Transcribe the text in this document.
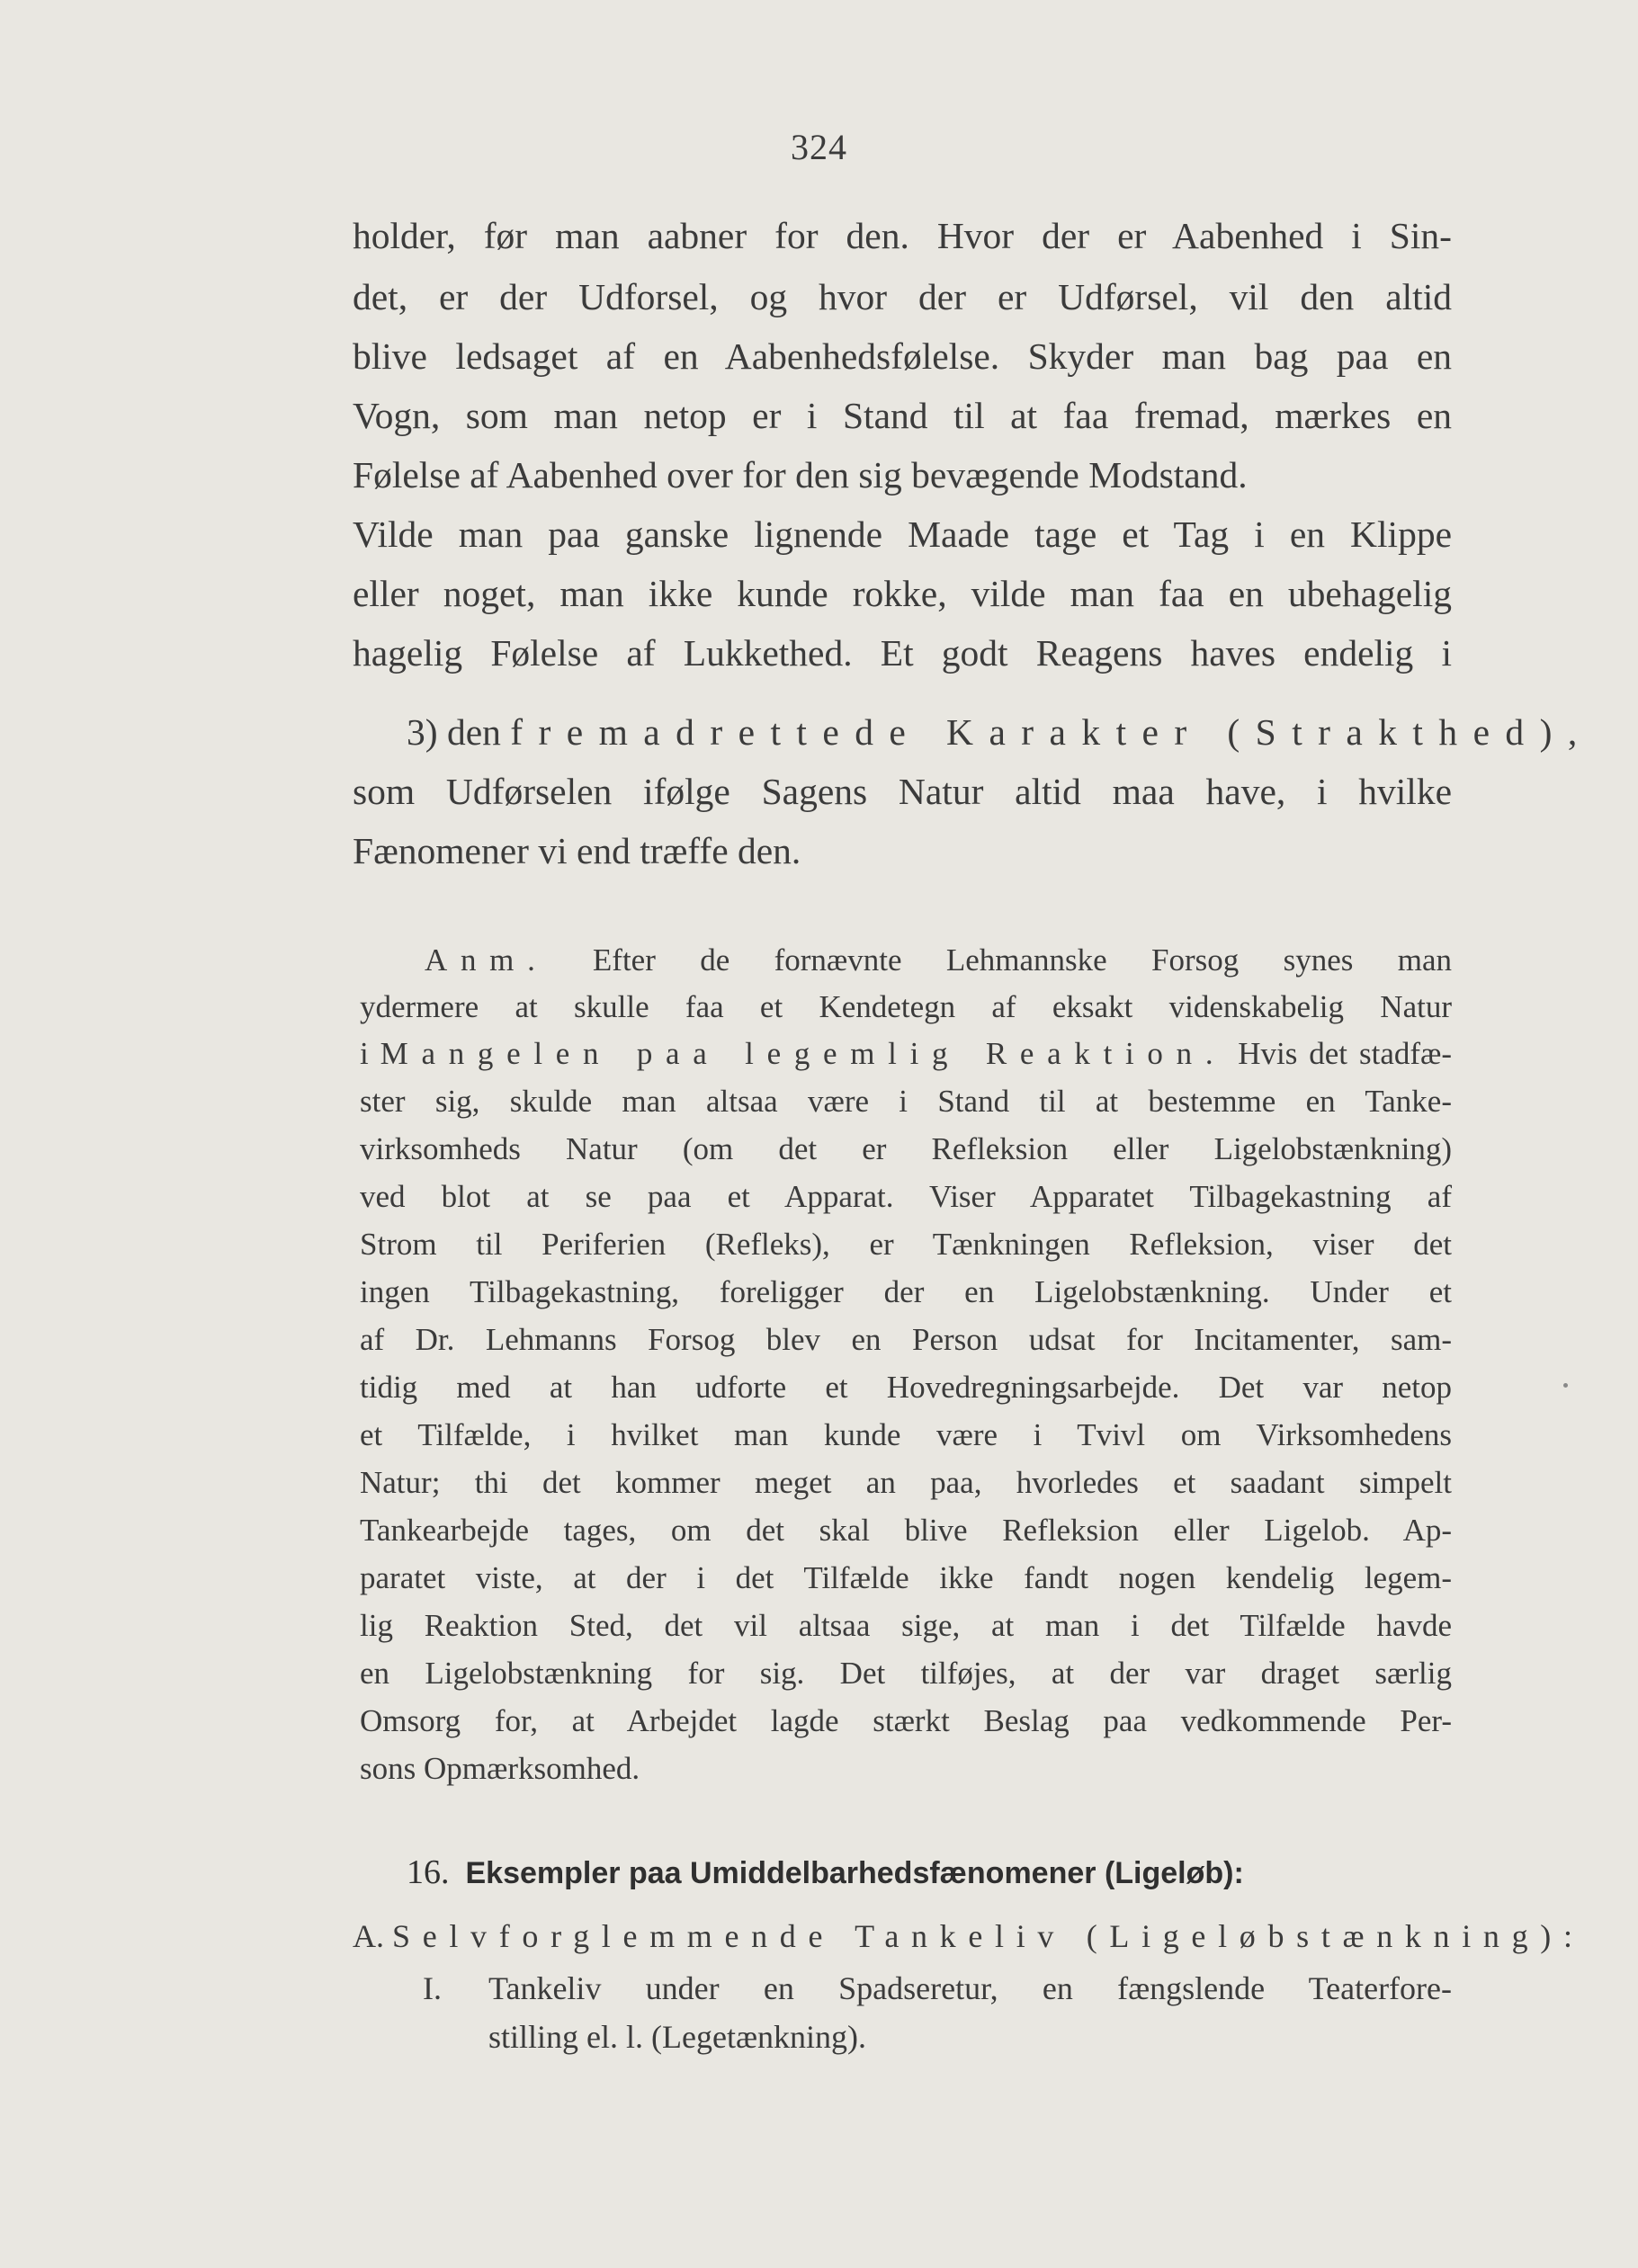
324

holder, før man aabner for den. Hvor der er Aabenhed i Sin-

det, er der Udforsel, og hvor der er Udførsel, vil den altid

blive ledsaget af en Aabenhedsfølelse. Skyder man bag paa en

Vogn, som man netop er i Stand til at faa fremad, mærkes en

Følelse af Aabenhed over for den sig bevægende Modstand.

Vilde man paa ganske lignende Maade tage et Tag i en Klippe

eller noget, man ikke kunde rokke, vilde man faa en ubehagelig

hagelig Følelse af Lukkethed. Et godt Reagens haves endelig i

3) den fremadrettede Karakter (Strakthed),

som Udførselen ifølge Sagens Natur altid maa have, i hvilke

Fænomener vi end træffe den.

Anm. Efter de fornævnte Lehmannske Forsog synes man

ydermere at skulle faa et Kendetegn af eksakt videnskabelig Natur

i Mangelen paa legemlig Reaktion. Hvis det stadfæ-

ster sig, skulde man altsaa være i Stand til at bestemme en Tanke-

virksomheds Natur (om det er Refleksion eller Ligelobstænkning)

ved blot at se paa et Apparat. Viser Apparatet Tilbagekastning af

Strom til Periferien (Refleks), er Tænkningen Refleksion, viser det

ingen Tilbagekastning, foreligger der en Ligelobstænkning. Under et

af Dr. Lehmanns Forsog blev en Person udsat for Incitamenter, sam-

tidig med at han udforte et Hovedregningsarbejde. Det var netop

et Tilfælde, i hvilket man kunde være i Tvivl om Virksomhedens

Natur; thi det kommer meget an paa, hvorledes et saadant simpelt

Tankearbejde tages, om det skal blive Refleksion eller Ligelob. Ap-

paratet viste, at der i det Tilfælde ikke fandt nogen kendelig legem-

lig Reaktion Sted, det vil altsaa sige, at man i det Tilfælde havde

en Ligelobstænkning for sig. Det tilføjes, at der var draget særlig

Omsorg for, at Arbejdet lagde stærkt Beslag paa vedkommende Per-

sons Opmærksomhed.

16. Eksempler paa Umiddelbarhedsfænomener (Ligeløb):
A. Selvforglemmende Tankeliv (Ligeløbstænkning):
I. Tankeliv under en Spadseretur, en fængslende Teaterfore-
stilling el. l. (Legetænkning).
